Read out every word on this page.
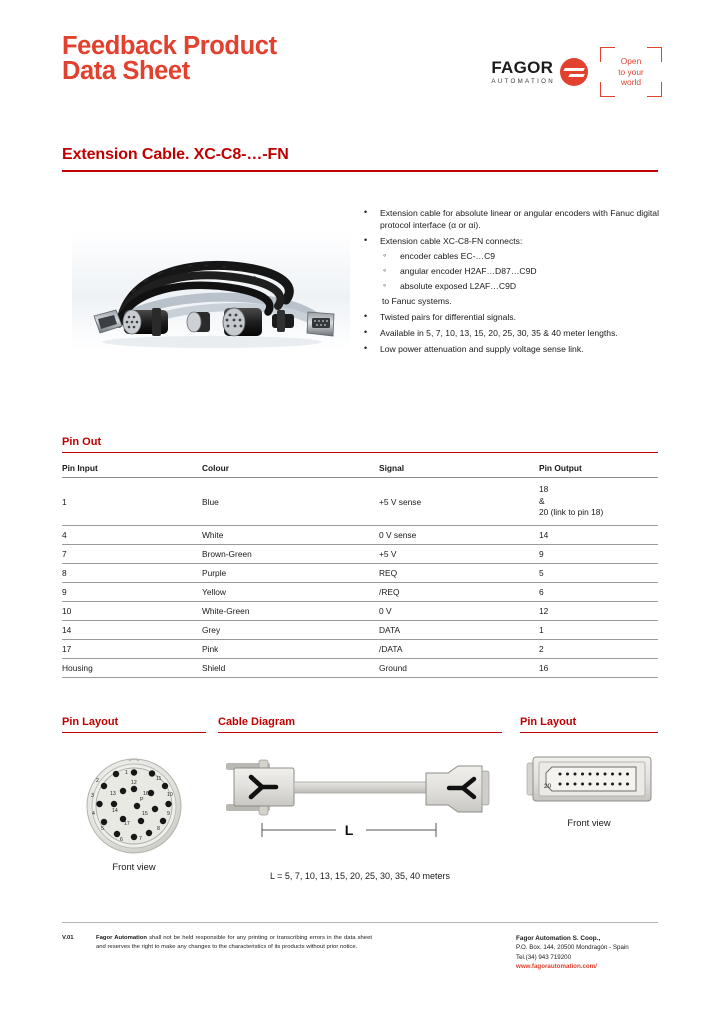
Feedback Product
Data Sheet	FAGOR
AUTOMATION
Open
to your
world
Extension Cable. XC-C8-…-FN
• Extension cable for absolute linear or angular encoders with Fanuc digital protocol interface (α or αi).
• Extension cable XC-C8-FN connects:
◦ encoder cables EC-…C9
◦ angular encoder H2AF…D87…C9D
◦ absolute exposed L2AF…C9D
to Fanuc systems.
• Twisted pairs for differential signals.
• Available in 5, 7, 10, 13, 15, 20, 25, 30, 35 & 40 meter lengths.
• Low power attenuation and supply voltage sense link.
Pin Out
Pin Input	Colour	Signal	Pin Output
1	Blue	+5 V sense	18
&
20 (link to pin 18)

4	White	0 V sense	14
7	Brown-Green	+5 V	9
8	Purple	REQ	5
9	Yellow	/REQ	6
10	White-Green	0 V	12
14	Grey	DATA	1
17	Pink	/DATA	2
Housing	Shield	Ground	16
Pin Layout
1
2
3
4
5
6	7
8
9
10
11
12
13
14	15
16
17
P
Front view
Cable Diagram
L
L = 5, 7, 10, 13, 15, 20, 25, 30, 35, 40 meters
Pin Layout
20
Front view
V.01	Fagor Automation shall not be held responsible for any printing or transcribing errors in the data sheet and reserves the right to make any changes to the characteristics of its products without prior notice.
Fagor Automation S. Coop.,
P.O. Box. 144, 20500 Mondragón - Spain
Tel.(34) 943 719200
www.fagorautomation.com/
